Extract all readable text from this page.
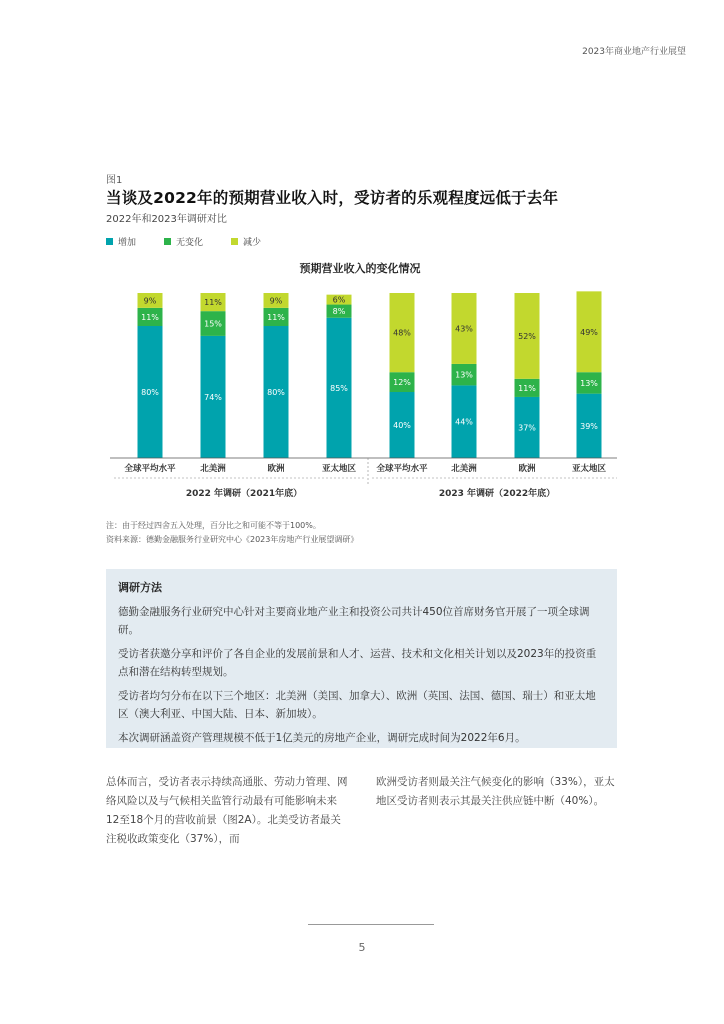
2023年商业地产行业展望
图1
当谈及2022年的预期营业收入时，受访者的乐观程度远低于去年
2022年和2023年调研对比
增加	无变化	减少
预期营业收入的变化情况
80%
11%
9%
74%
15%
11%
80%
11%
9%
85%
8%
6%
40%
12%
48%
44%
13%
43%
37%
11%
52%
39%
13%
49%
全球平均水平	北美洲	欧洲	亚太地区 全球平均水平	北美洲	欧洲	亚太地区
2022 年调研（2021年底）	2023 年调研（2022年底）
注：由于经过四舍五入处理，百分比之和可能不等于100%。
资料来源：德勤金融服务行业研究中心《2023年房地产行业展望调研》
调研方法
德勤金融服务行业研究中心针对主要商业地产业主和投资公司共计450位首席财务官开展了一项全球调研。
受访者获邀分享和评价了各自企业的发展前景和人才、运营、技术和文化相关计划以及2023年的投资重点和潜在结构转型规划。
受访者均匀分布在以下三个地区：北美洲（美国、加拿大）、欧洲（英国、法国、德国、瑞士）和亚太地区（澳大利亚、中国大陆、日本、新加坡）。
本次调研涵盖资产管理规模不低于1亿美元的房地产企业，调研完成时间为2022年6月。
总体而言，受访者表示持续高通胀、劳动力管理、网络风险以及与气候相关监管行动最有可能影响未来12至18个月的营收前景（图2A）。北美受访者最关注税收政策变化（37%），而
欧洲受访者则最关注气候变化的影响（33%），亚太地区受访者则表示其最关注供应链中断（40%）。
5
